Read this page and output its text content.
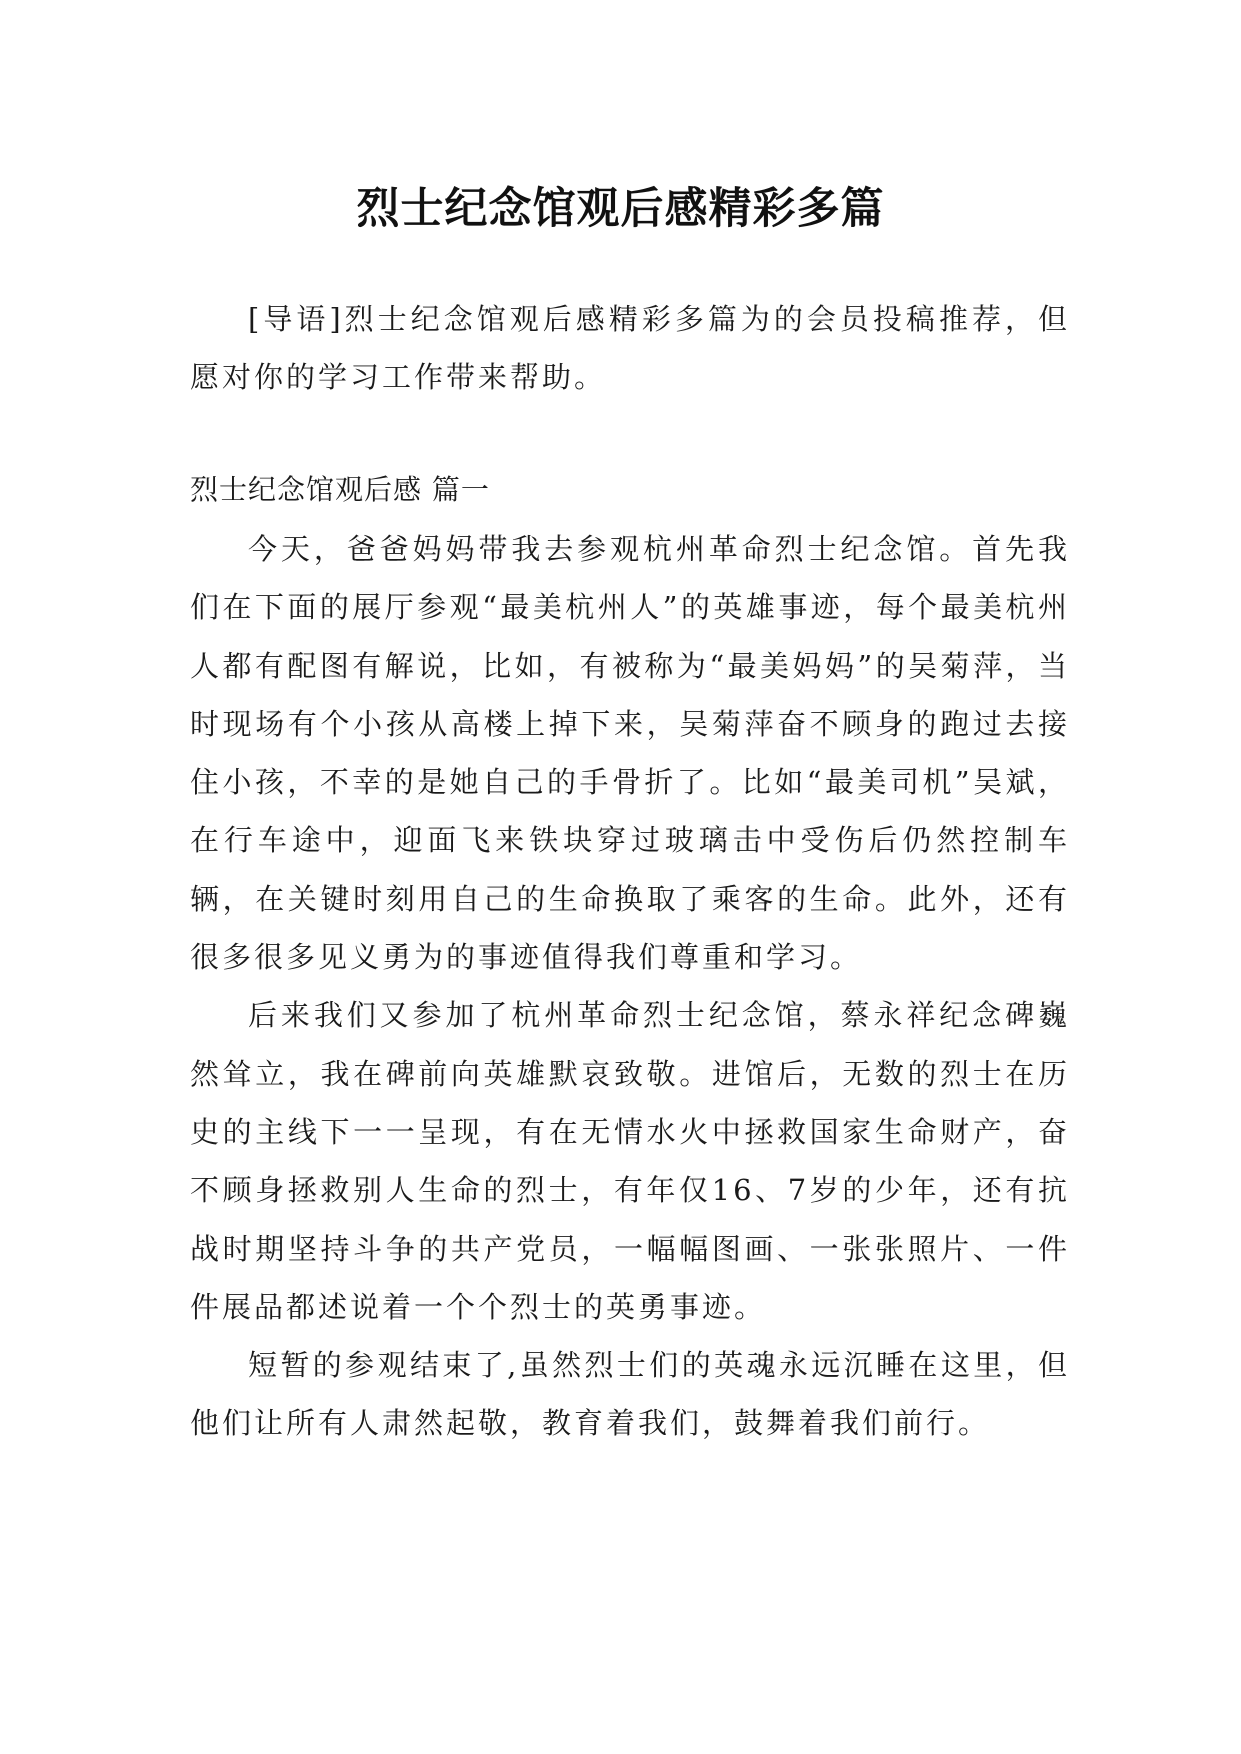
烈士纪念馆观后感精彩多篇

[导语]烈士纪念馆观后感精彩多篇为的会员投稿推荐，但愿对你的学习工作带来帮助。

烈士纪念馆观后感 篇一

今天，爸爸妈妈带我去参观杭州革命烈士纪念馆。首先我们在下面的展厅参观“最美杭州人”的英雄事迹，每个最美杭州人都有配图有解说，比如，有被称为“最美妈妈”的吴菊萍，当时现场有个小孩从高楼上掉下来，吴菊萍奋不顾身的跑过去接住小孩，不幸的是她自己的手骨折了。比如“最美司机”吴斌，在行车途中，迎面飞来铁块穿过玻璃击中受伤后仍然控制车辆，在关键时刻用自己的生命换取了乘客的生命。此外，还有很多很多见义勇为的事迹值得我们尊重和学习。

后来我们又参加了杭州革命烈士纪念馆，蔡永祥纪念碑巍然耸立，我在碑前向英雄默哀致敬。进馆后，无数的烈士在历史的主线下一一呈现，有在无情水火中拯救国家生命财产，奋不顾身拯救别人生命的烈士，有年仅16、7岁的少年，还有抗战时期坚持斗争的共产党员，一幅幅图画、一张张照片、一件件展品都述说着一个个烈士的英勇事迹。

短暂的参观结束了,虽然烈士们的英魂永远沉睡在这里，但他们让所有人肃然起敬，教育着我们，鼓舞着我们前行。
